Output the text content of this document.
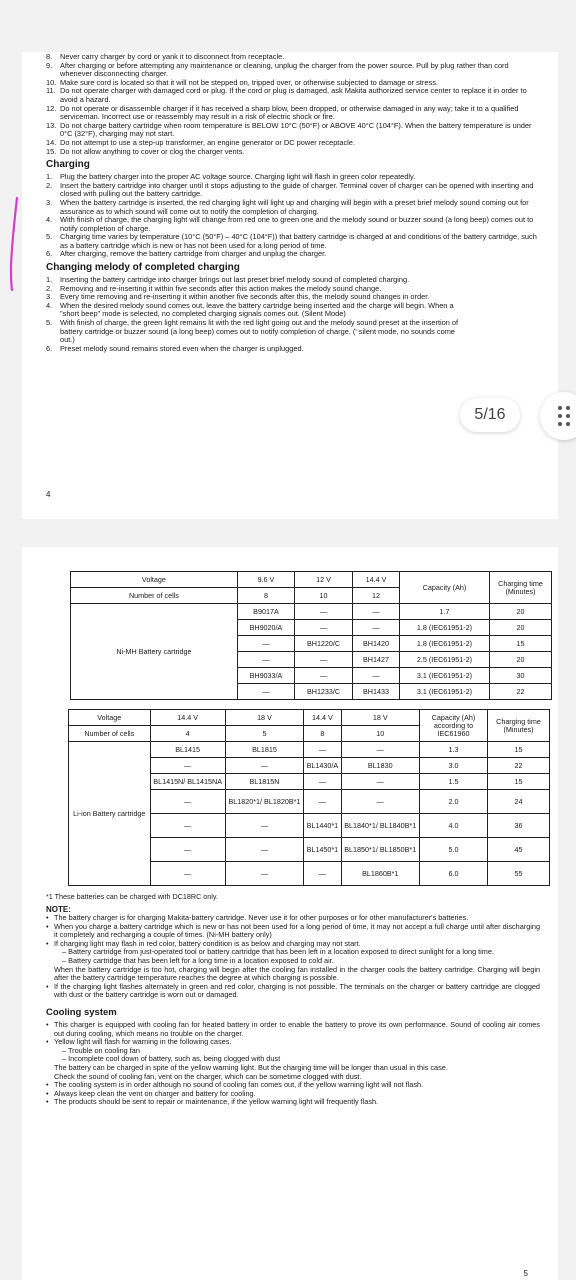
8. Never carry charger by cord or yank it to disconnect from receptacle.
9. After charging or before attempting any maintenance or cleaning, unplug the charger from the power source. Pull by plug rather than cord whenever disconnecting charger.
10. Make sure cord is located so that it will not be stepped on, tripped over, or otherwise subjected to damage or stress.
11. Do not operate charger with damaged cord or plug. If the cord or plug is damaged, ask Makita authorized service center to replace it in order to avoid a hazard.
12. Do not operate or disassemble charger if it has received a sharp blow, been dropped, or otherwise damaged in any way; take it to a qualified serviceman. Incorrect use or reassembly may result in a risk of electric shock or fire.
13. Do not charge battery cartridge when room temperature is BELOW 10°C (50°F) or ABOVE 40°C (104°F). When the battery temperature is under 0°C (32°F), charging may not start.
14. Do not attempt to use a step-up transformer, an engine generator or DC power receptacle.
15. Do not allow anything to cover or clog the charger vents.
Charging
1. Plug the battery charger into the proper AC voltage source. Charging light will flash in green color repeatedly.
2. Insert the battery cartridge into charger until it stops adjusting to the guide of charger. Terminal cover of charger can be opened with inserting and closed with pulling out the battery cartridge.
3. When the battery cartridge is inserted, the red charging light will light up and charging will begin with a preset brief melody sound coming out for assurance as to which sound will come out to notify the completion of charging.
4. With finish of charge, the charging light will change from red one to green one and the melody sound or buzzer sound (a long beep) comes out to notify completion of charge.
5. Charging time varies by temperature (10°C (50°F) – 40°C (104°F)) that battery cartridge is charged at and conditions of the battery cartridge, such as a battery cartridge which is new or has not been used for a long period of time.
6. After charging, remove the battery cartridge from charger and unplug the charger.
Changing melody of completed charging
1. Inserting the battery cartridge into charger brings out last preset brief melody sound of completed charging.
2. Removing and re-inserting it within five seconds after this action makes the melody sound change.
3. Every time removing and re-inserting it within another five seconds after this, the melody sound changes in order.
4. When the desired melody sound comes out, leave the battery cartridge being inserted and the charge will begin. When a "short beep" mode is selected, no completed charging signals comes out. (Silent Mode)
5. With finish of charge, the green light remains lit with the red light going out and the melody sound preset at the insertion of battery cartridge or buzzer sound (a long beep) comes out to notify completion of charge. (' silent mode, no sounds come out.)
6. Preset melody sound remains stored even when the charger is unplugged.
4
5/16
Voltage	9.6 V	12 V	14.4 V	Capacity (Ah)	Charging time (Minutes)
Number of cells	8	10	12		
Ni-MH Battery cartridge	B9017A	—	—	1.7	20
	BH9020/A	—	—	1.8 (IEC61951-2)	20
	—	BH1220/C	BH1420	1.8 (IEC61951-2)	15
	—	—	BH1427	2.5 (IEC61951-2)	20
	BH9033/A	—	—	3.1 (IEC61951-2)	30
	—	BH1233/C	BH1433	3.1 (IEC61951-2)	22
Voltage	14.4 V	18 V	14.4 V	18 V	Capacity (Ah) according to IEC61960	Charging time (Minutes)
Number of cells	4	5	8	10		
Li-ion Battery cartridge	BL1415	BL1815	—	—	1.3	15
	—	—	BL1430/A	BL1830	3.0	22
	BL1415N/ BL1415NA	BL1815N	—	—	1.5	15
	—	BL1820*1/ BL1820B*1	—	—	2.0	24
	—	—	BL1440*1	BL1840*1/ BL1840B*1	4.0	36
	—	—	BL1450*1	BL1850*1/ BL1850B*1	5.0	45
	—	—	—	BL1860B*1	6.0	55
*1 These batteries can be charged with DC18RC only.
NOTE:
• The battery charger is for charging Makita-battery cartridge. Never use it for other purposes or for other manufacturer's batteries.
• When you charge a battery cartridge which is new or has not been used for a long period of time, it may not accept a full charge until after discharging it completely and recharging a couple of times. (Ni-MH battery only)
• If charging light may flash in red color, battery condition is as below and charging may not start.
– Battery cartridge from just-operated tool or battery cartridge that has been left in a location exposed to direct sunlight for a long time.
– Battery cartridge that has been left for a long time in a location exposed to cold air.
When the battery cartridge is too hot, charging will begin after the cooling fan installed in the charger cools the battery cartridge. Charging will begin after the battery cartridge temperature reaches the degree at which charging is possible.
• If the charging light flashes alternately in green and red color, charging is not possible. The terminals on the charger or battery cartridge are clogged with dust or the battery cartridge is worn out or damaged.
Cooling system
• This charger is equipped with cooling fan for heated battery in order to enable the battery to prove its own performance. Sound of cooling air comes out during cooling, which means no trouble on the charger.
• Yellow light will flash for warning in the following cases.
– Trouble on cooling fan
– Incomplete cool down of battery, such as, being clogged with dust
The battery can be charged in spite of the yellow warning light. But the charging time will be longer than usual in this case.
Check the sound of cooling fan, vent on the charger, which can be sometime clogged with dust.
• The cooling system is in order although no sound of cooling fan comes out, if the yellow warning light will not flash.
• Always keep clean the vent on charger and battery for cooling.
• The products should be sent to repair or maintenance, if the yellow warning light will frequently flash.
5
